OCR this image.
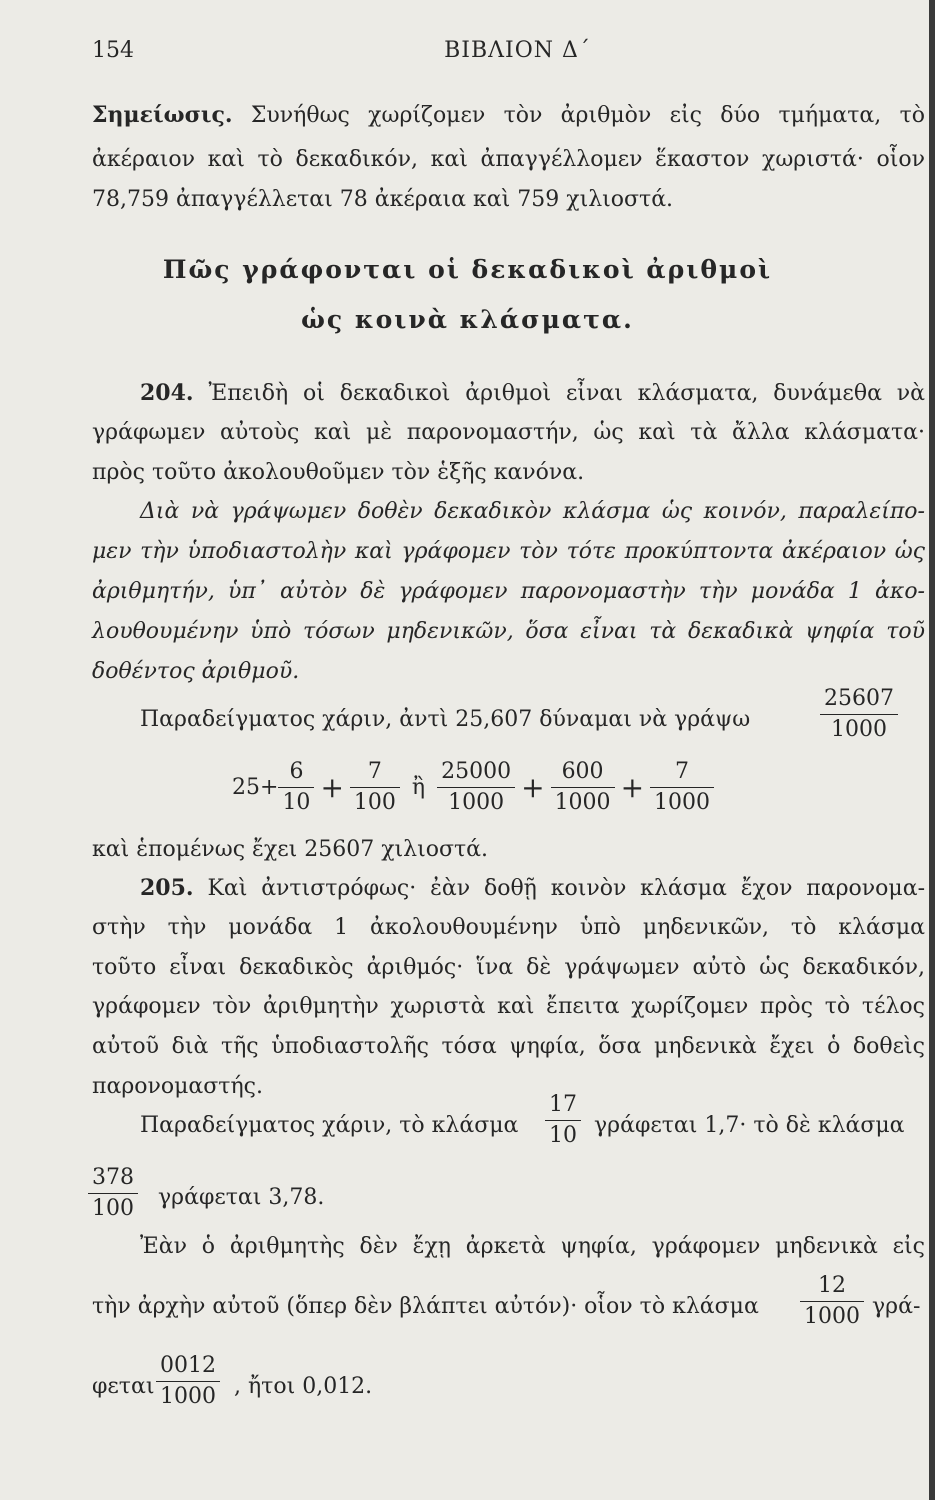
154	ΒΙΒΛΙΟΝ Δ΄
Σημείωσις. Συνήθως χωρίζομεν τὸν ἀριθμὸν εἰς δύο τμήματα, τὸ
ἀκέραιον καὶ τὸ δεκαδικόν, καὶ ἀπαγγέλλομεν ἕκαστον χωριστά· οἷον
78,759 ἀπαγγέλλεται 78 ἀκέραια καὶ 759 χιλιοστά.
Πῶς γράφονται οἱ δεκαδικοὶ ἀριθμοὶ
ὡς κοινὰ κλάσματα.
204. Ἐπειδὴ οἱ δεκαδικοὶ ἀριθμοὶ εἶναι κλάσματα, δυνάμεθα νὰ
γράφωμεν αὐτοὺς καὶ μὲ παρονομαστήν, ὡς καὶ τὰ ἄλλα κλάσματα·
πρὸς τοῦτο ἀκολουθοῦμεν τὸν ἑξῆς κανόνα.
Διὰ νὰ γράψωμεν δοθὲν δεκαδικὸν κλάσμα ὡς κοινόν, παραλείπο-
μεν τὴν ὑποδιαστολὴν καὶ γράφομεν τὸν τότε προκύπτοντα ἀκέραιον ὡς
ἀριθμητήν, ὑπ᾽ αὐτὸν δὲ γράφομεν παρονομαστὴν τὴν μονάδα 1 ἀκο-
λουθουμένην ὑπὸ τόσων μηδενικῶν, ὅσα εἶναι τὰ δεκαδικὰ ψηφία τοῦ
δοθέντος ἀριθμοῦ.
Παραδείγματος χάριν, ἀντὶ 25,607 δύναμαι νὰ γράψω	$\frac{25607}{1000}$
$25+ \frac{6}{10} + \frac{7}{100}$ ἢ $\frac{25000}{1000} + \frac{600}{1000} + \frac{7}{1000}$
καὶ ἑπομένως ἔχει 25607 χιλιοστά.
205. Καὶ ἀντιστρόφως· ἐὰν δοθῇ κοινὸν κλάσμα ἔχον παρονομα-
στὴν τὴν μονάδα 1 ἀκολουθουμένην ὑπὸ μηδενικῶν, τὸ κλάσμα
τοῦτο εἶναι δεκαδικὸς ἀριθμός· ἵνα δὲ γράψωμεν αὐτὸ ὡς δεκαδικόν,
γράφομεν τὸν ἀριθμητὴν χωριστὰ καὶ ἔπειτα χωρίζομεν πρὸς τὸ τέλος
αὐτοῦ διὰ τῆς ὑποδιαστολῆς τόσα ψηφία, ὅσα μηδενικὰ ἔχει ὁ δοθεὶς
παρονομαστής.
Παραδείγματος χάριν, τὸ κλάσμα	$\frac{17}{10}$ γράφεται 1,7· τὸ δὲ κλάσμα
$\frac{378}{100}$ γράφεται 3,78.
Ἐὰν ὁ ἀριθμητὴς δὲν ἔχῃ ἀρκετὰ ψηφία, γράφομεν μηδενικὰ εἰς
τὴν ἀρχὴν αὐτοῦ (ὅπερ δὲν βλάπτει αὐτόν)· οἷον τὸ κλάσμα	$\frac{12}{1000} \gamma\rho ά-$
φεται $\frac{0012}{1000}$ , ἤτοι 0,012.
